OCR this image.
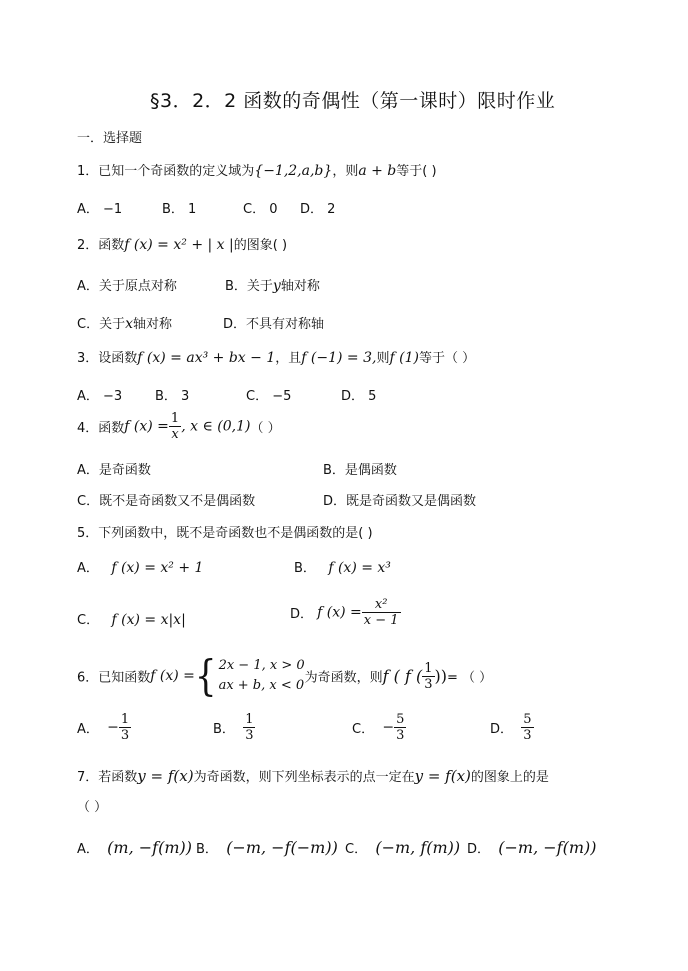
§3．2．2 函数的奇偶性（第一课时）限时作业
一．选择题
1．已知一个奇函数的定义域为{−1,2,a,b}，则a + b等于( )
A． −1	B． 1	C． 0 D． 2
2．函数f (x) = x² + | x |的图象( )
A．关于原点对称	B．关于y轴对称
C．关于x轴对称	D．不具有对称轴
3．设函数f (x) = ax³ + bx − 1，且f (−1) = 3,则f (1)等于（ ）
A． −3	B． 3	C． −5	D． 5
4．函数f $(x) = \frac{1}{x}$ , x ∈ (0,1)（ ）
A．是奇函数	B．是偶函数
C．既不是奇函数又不是偶函数	D．既是奇函数又是偶函数
5．下列函数中，既不是奇函数也不是偶函数的是( )
A． f (x) = x² + 1	B． f (x) = x³
C． f (x) = x|x|	D． f $(x) = \frac{\text{x²}}{x - 1}$
6．已知函数f (x) = { 2x − 1, x > 0
ax + b, x < 0 为奇函数，则f ( f ( $\frac{1}{3}$ ))= （ ）
A． − $\frac{1}{3}$	B． $\frac{1}{3}$	C． − $\frac{5}{3}$	D． $\frac{5}{3}$
7．若函数y = f(x)为奇函数，则下列坐标表示的点一定在y = f(x)的图象上的是
（ ）
A． (m, −f(m)) B． (−m, −f(−m)) C． (−m, f(m)) D． (−m, −f(m))
